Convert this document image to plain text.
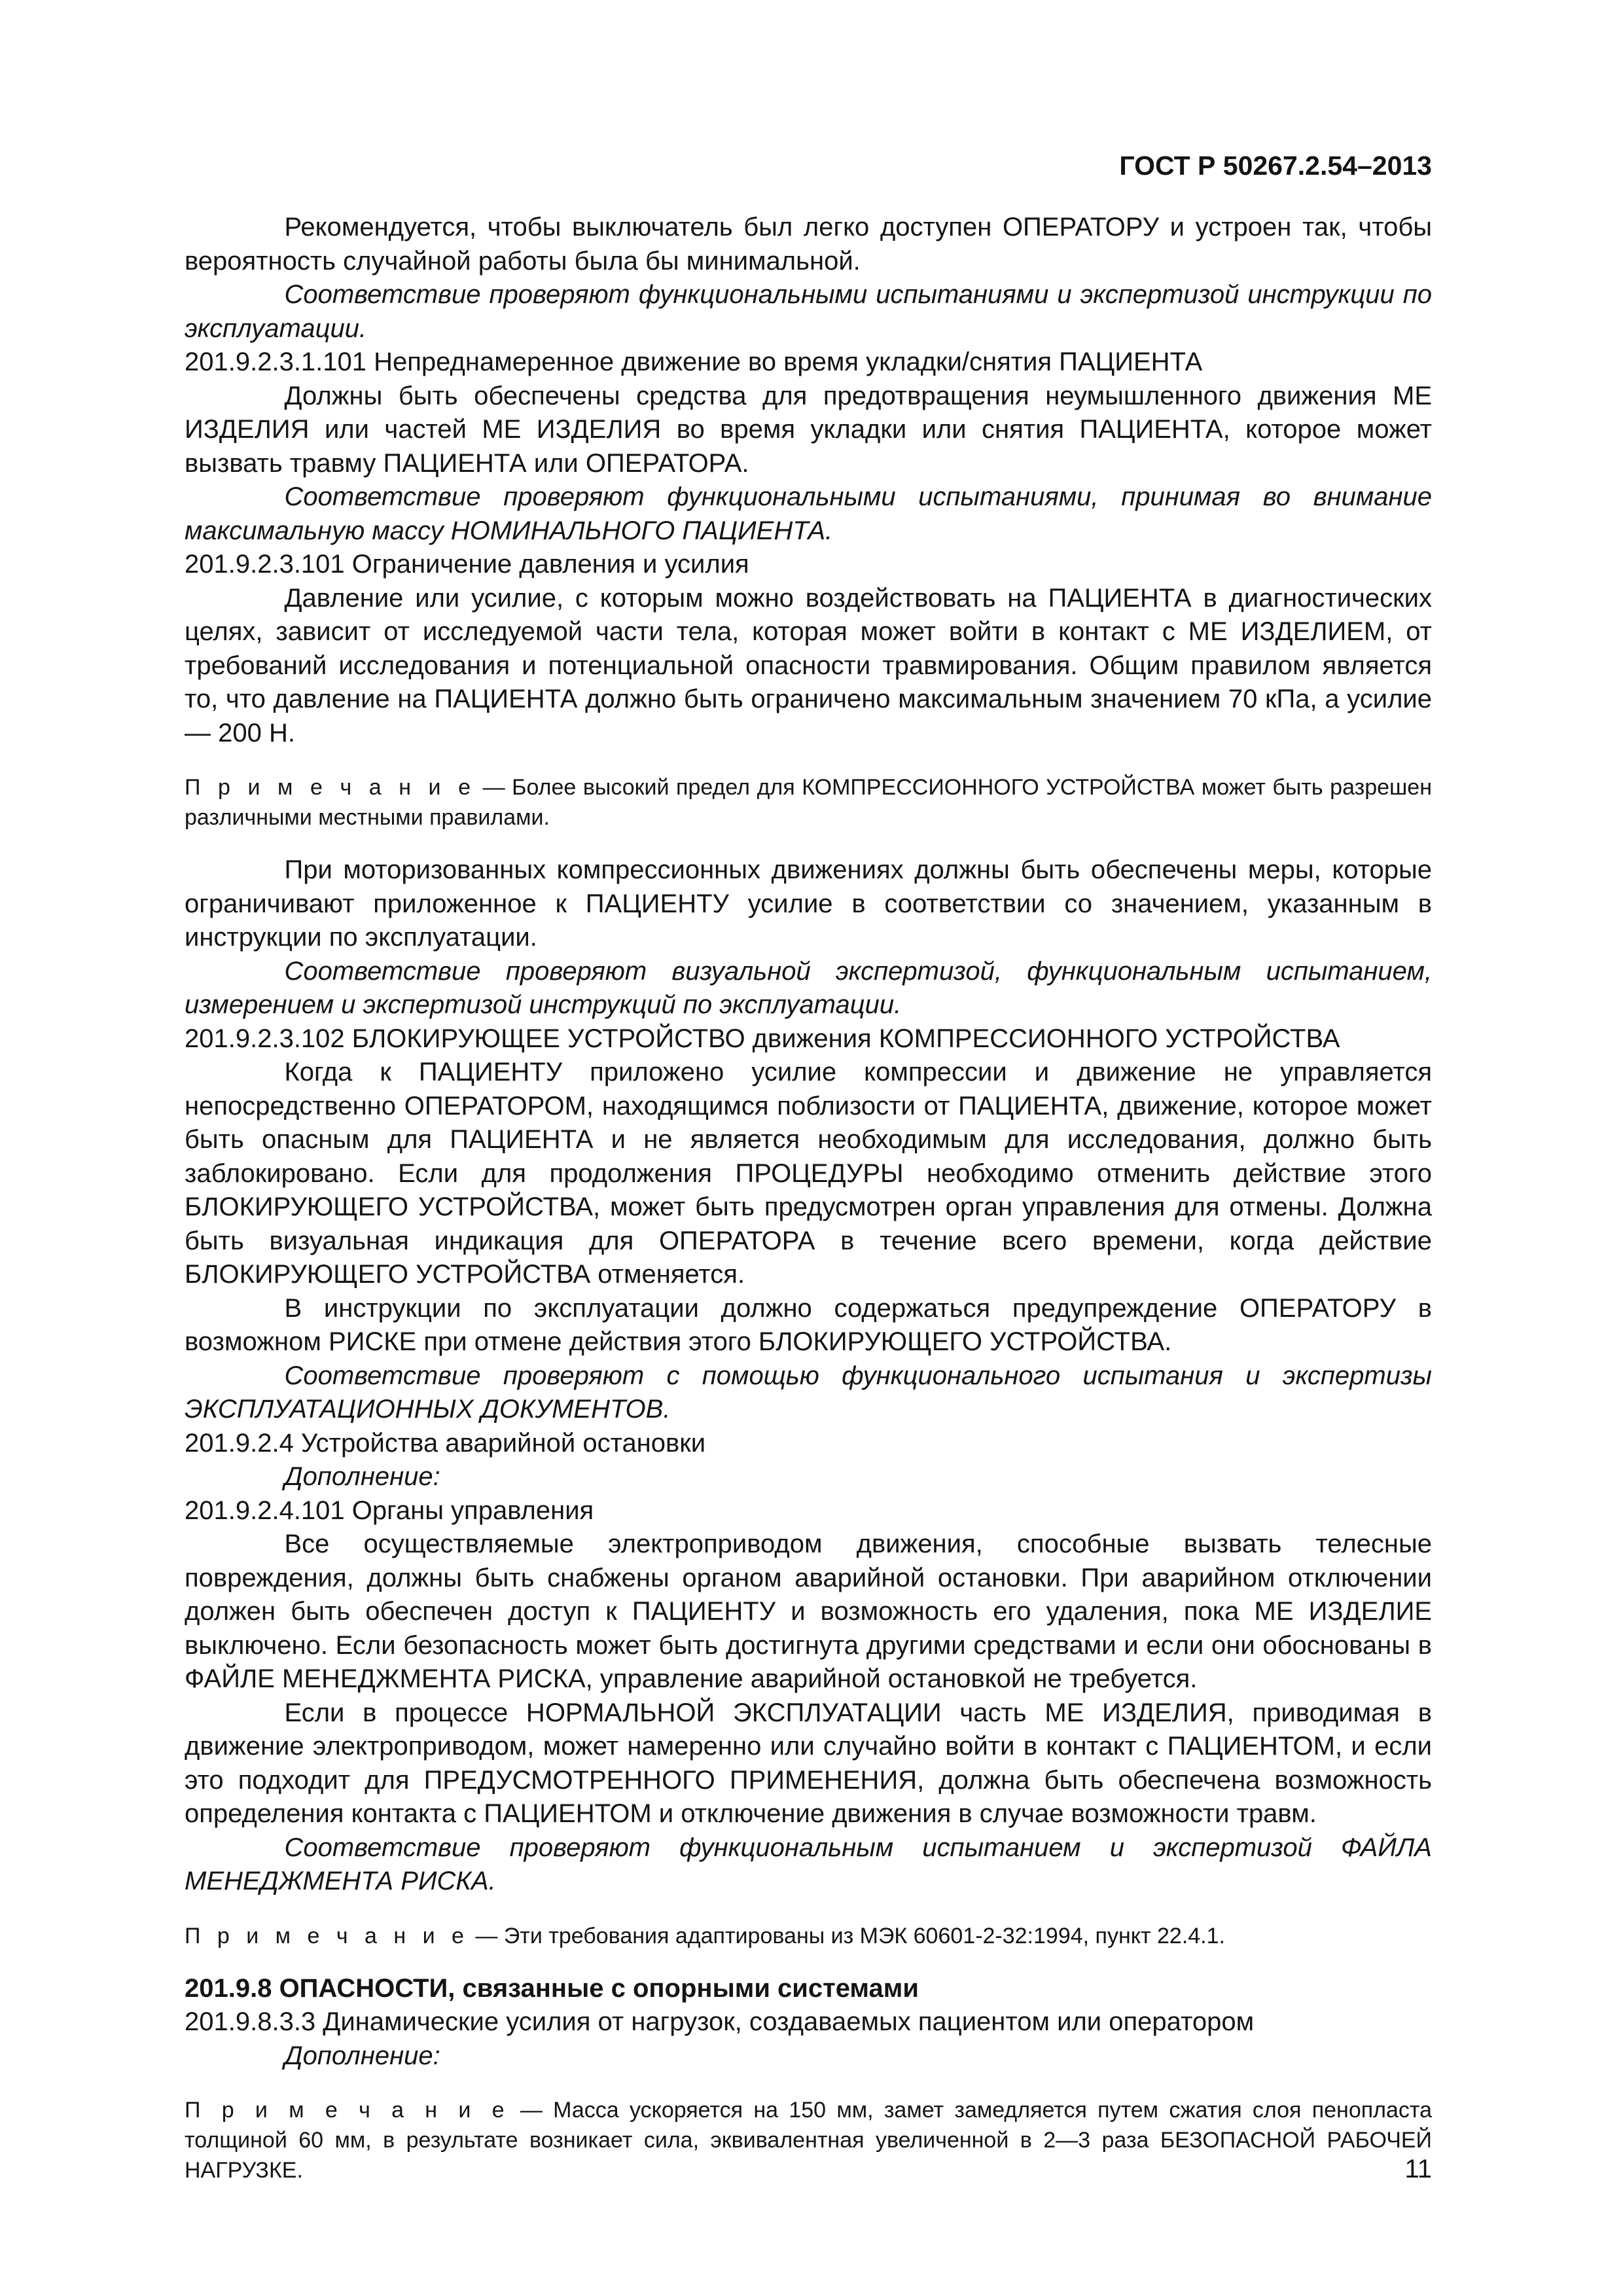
ГОСТ Р 50267.2.54–2013

Рекомендуется, чтобы выключатель был легко доступен ОПЕРАТОРУ и устроен так, чтобы вероятность случайной работы была бы минимальной.

Соответствие проверяют функциональными испытаниями и экспертизой инструкции по эксплуатации.

201.9.2.3.1.101 Непреднамеренное движение во время укладки/снятия ПАЦИЕНТА

Должны быть обеспечены средства для предотвращения неумышленного движения МЕ ИЗДЕЛИЯ или частей МЕ ИЗДЕЛИЯ во время укладки или снятия ПАЦИЕНТА, которое может вызвать травму ПАЦИЕНТА или ОПЕРАТОРА.

Соответствие проверяют функциональными испытаниями, принимая во внимание максимальную массу НОМИНАЛЬНОГО ПАЦИЕНТА.

201.9.2.3.101 Ограничение давления и усилия

Давление или усилие, с которым можно воздействовать на ПАЦИЕНТА в диагностических целях, зависит от исследуемой части тела, которая может войти в контакт с МЕ ИЗДЕЛИЕМ, от требований исследования и потенциальной опасности травмирования. Общим правилом является то, что давление на ПАЦИЕНТА должно быть ограничено максимальным значением 70 кПа, а усилие — 200 Н.

П р и м е ч а н и е — Более высокий предел для КОМПРЕССИОННОГО УСТРОЙСТВА может быть разрешен различными местными правилами.

При моторизованных компрессионных движениях должны быть обеспечены меры, которые ограничивают приложенное к ПАЦИЕНТУ усилие в соответствии со значением, указанным в инструкции по эксплуатации.

Соответствие проверяют визуальной экспертизой, функциональным испытанием, измерением и экспертизой инструкций по эксплуатации.

201.9.2.3.102 БЛОКИРУЮЩЕЕ УСТРОЙСТВО движения КОМПРЕССИОННОГО УСТРОЙСТВА

Когда к ПАЦИЕНТУ приложено усилие компрессии и движение не управляется непосредственно ОПЕРАТОРОМ, находящимся поблизости от ПАЦИЕНТА, движение, которое может быть опасным для ПАЦИЕНТА и не является необходимым для исследования, должно быть заблокировано. Если для продолжения ПРОЦЕДУРЫ необходимо отменить действие этого БЛОКИРУЮЩЕГО УСТРОЙСТВА, может быть предусмотрен орган управления для отмены. Должна быть визуальная индикация для ОПЕРАТОРА в течение всего времени, когда действие БЛОКИРУЮЩЕГО УСТРОЙСТВА отменяется.

В инструкции по эксплуатации должно содержаться предупреждение ОПЕРАТОРУ в возможном РИСКЕ при отмене действия этого БЛОКИРУЮЩЕГО УСТРОЙСТВА.

Соответствие проверяют с помощью функционального испытания и экспертизы ЭКСПЛУАТАЦИОННЫХ ДОКУМЕНТОВ.

201.9.2.4 Устройства аварийной остановки

Дополнение:

201.9.2.4.101 Органы управления

Все осуществляемые электроприводом движения, способные вызвать телесные повреждения, должны быть снабжены органом аварийной остановки. При аварийном отключении должен быть обеспечен доступ к ПАЦИЕНТУ и возможность его удаления, пока МЕ ИЗДЕЛИЕ выключено. Если безопасность может быть достигнута другими средствами и если они обоснованы в ФАЙЛЕ МЕНЕДЖМЕНТА РИСКА, управление аварийной остановкой не требуется.

Если в процессе НОРМАЛЬНОЙ ЭКСПЛУАТАЦИИ часть МЕ ИЗДЕЛИЯ, приводимая в движение электроприводом, может намеренно или случайно войти в контакт с ПАЦИЕНТОМ, и если это подходит для ПРЕДУСМОТРЕННОГО ПРИМЕНЕНИЯ, должна быть обеспечена возможность определения контакта с ПАЦИЕНТОМ и отключение движения в случае возможности травм.

Соответствие проверяют функциональным испытанием и экспертизой ФАЙЛА МЕНЕДЖМЕНТА РИСКА.

П р и м е ч а н и е — Эти требования адаптированы из МЭК 60601-2-32:1994, пункт 22.4.1.

201.9.8 ОПАСНОСТИ, связанные с опорными системами

201.9.8.3.3 Динамические усилия от нагрузок, создаваемых пациентом или оператором

Дополнение:

П р и м е ч а н и е — Масса ускоряется на 150 мм, замет замедляется путем сжатия слоя пенопласта толщиной 60 мм, в результате возникает сила, эквивалентная увеличенной в 2—3 раза БЕЗОПАСНОЙ РАБОЧЕЙ НАГРУЗКЕ.	11
